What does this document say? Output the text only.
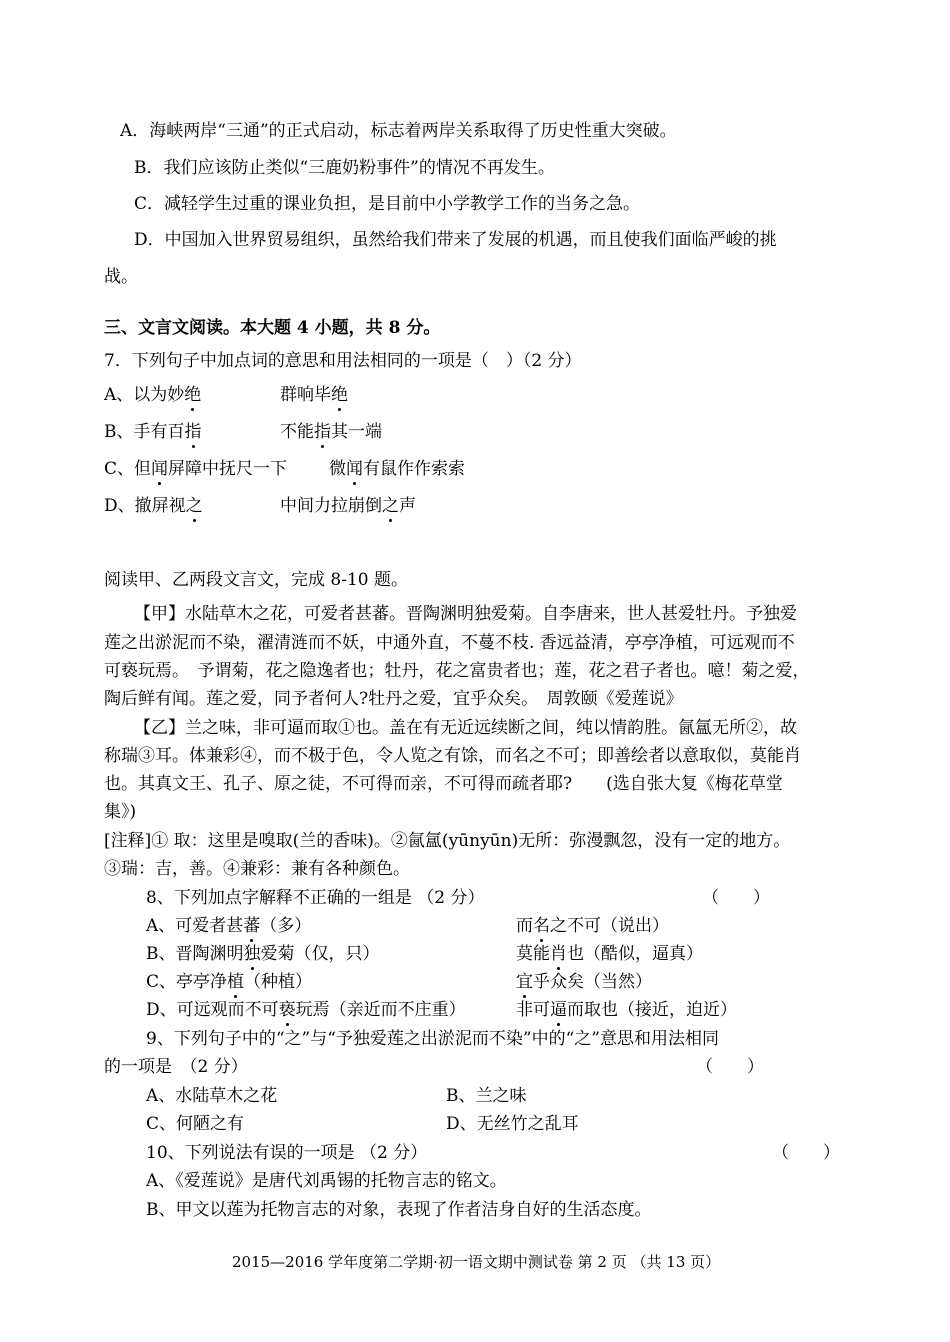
A．海峡两岸“三通”的正式启动，标志着两岸关系取得了历史性重大突破。
B．我们应该防止类似“三鹿奶粉事件”的情况不再发生。
C．减轻学生过重的课业负担，是目前中小学教学工作的当务之急。
D．中国加入世界贸易组织，虽然给我们带来了发展的机遇，而且使我们面临严峻的挑
战。
三、文言文阅读。本大题 4 小题，共 8 分。
7．下列句子中加点词的意思和用法相同的一项是（　）（2 分）
A、以为妙绝	群响毕绝
B、手有百指	不能指其一端
C、但闻屏障中抚尺一下 微闻有鼠作作索索
D、撤屏视之	中间力拉崩倒之声
阅读甲、乙两段文言文，完成 8-10 题。
【甲】水陆草木之花，可爱者甚蕃。晋陶渊明独爱菊。自李唐来，世人甚爱牡丹。予独爱
莲之出淤泥而不染，濯清涟而不妖，中通外直，不蔓不枝. 香远益清，亭亭净植，可远观而不
可亵玩焉。　予谓菊，花之隐逸者也；牡丹，花之富贵者也；莲，花之君子者也。噫！菊之爱，
陶后鲜有闻。莲之爱，同予者何人?牡丹之爱，宜乎众矣。　周敦颐《爱莲说》
【乙】兰之味，非可逼而取①也。盖在有无近远续断之间，纯以情韵胜。氤氲无所②，故
称瑞③耳。体兼彩④，而不极于色，令人览之有馀，而名之不可；即善绘者以意取似，莫能肖
也。其真文王、孔子、原之徒，不可得而亲，不可得而疏者耶?　　(选自张大复《梅花草堂
集》)
[注释]① 取：这里是嗅取(兰的香味)。②氤氲(yūnyūn)无所：弥漫飘忽，没有一定的地方。
③瑞：吉，善。④兼彩：兼有各种颜色。
8、下列加点字解释不正确的一组是 （2 分）	（　　）
A、可爱者甚蕃（多）	而名之不可（说出）
B、晋陶渊明独爱菊（仅，只）	莫能肖也（酷似，逼真）
C、亭亭净植（种植）	宜乎众矣（当然）
D、可远观而不可亵玩焉（亲近而不庄重）	非可逼而取也（接近，迫近）
9、下列句子中的“之”与“予独爱莲之出淤泥而不染”中的“之”意思和用法相同
的一项是　（2 分）	（　　）
A、水陆草木之花	B、兰之味
C、何陋之有	D、无丝竹之乱耳
10、下列说法有误的一项是 （2 分）	（　　）
A、《爱莲说》是唐代刘禹锡的托物言志的铭文。
B、甲文以莲为托物言志的对象，表现了作者洁身自好的生活态度。
2015—2016 学年度第二学期·初一语文期中测试卷 第 2 页 （共 13 页）
